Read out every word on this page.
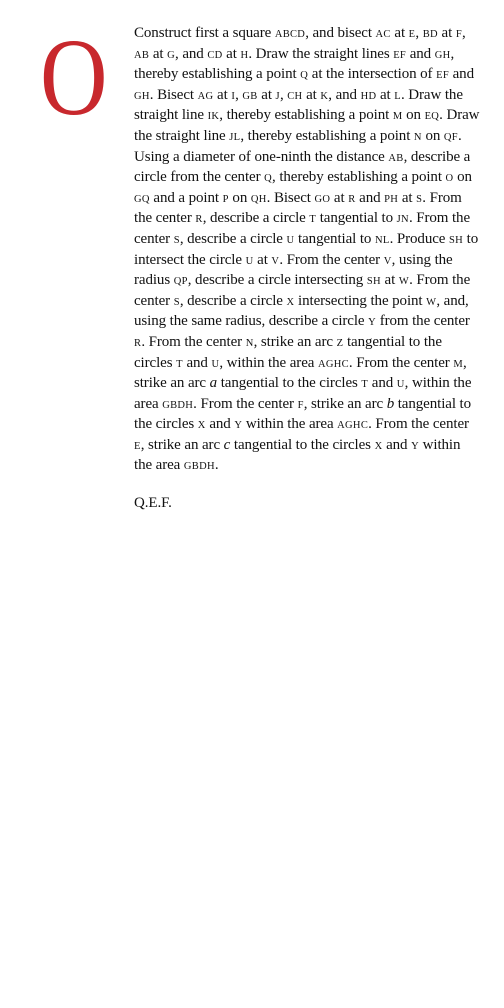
O Construct first a square ABCD, and bisect AC at E, BD at F, AB at G, and CD at H. Draw the straight lines EF and GH, thereby establishing a point Q at the intersection of EF and GH. Bisect AG at I, GB at J, CH at K, and HD at L. Draw the straight line IK, thereby establishing a point M on EQ. Draw the straight line JL, thereby establishing a point N on QF. Using a diameter of one-ninth the distance AB, describe a circle from the center Q, thereby establishing a point O on GQ and a point P on QH. Bisect GO at R and PH at S. From the center R, describe a circle T tangential to JN. From the center S, describe a circle U tangential to NL. Produce SH to intersect the circle U at V. From the center V, using the radius QP, describe a circle intersecting SH at W. From the center S, describe a circle X intersecting the point W, and, using the same radius, describe a circle Y from the center R. From the center N, strike an arc Z tangential to the circles T and U, within the area AGHC. From the center M, strike an arc a tangential to the circles T and U, within the area GBDH. From the center F, strike an arc b tangential to the circles X and Y within the area AGHC. From the center E, strike an arc c tangential to the circles X and Y within the area GBDH.
Q.E.F.
